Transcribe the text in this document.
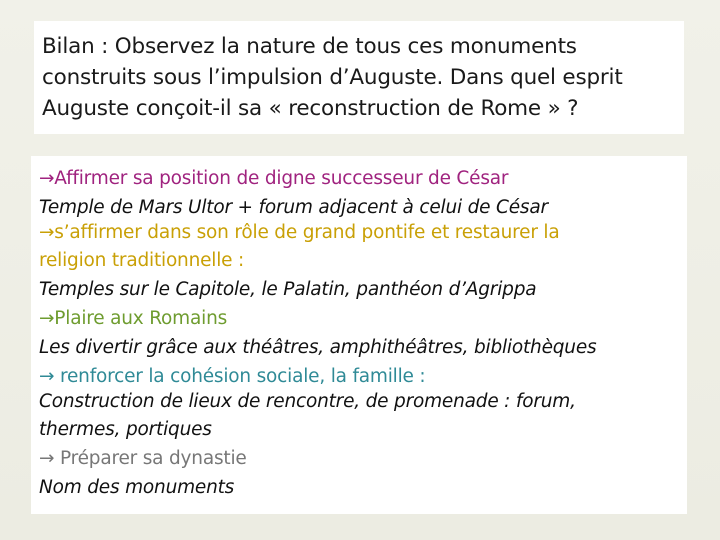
Bilan : Observez la nature de tous ces monuments
construits sous l’impulsion d’Auguste. Dans quel esprit
Auguste conçoit-il sa « reconstruction de Rome » ?
→Affirmer sa position de digne successeur de César
Temple de Mars Ultor + forum adjacent à celui de César
→s’affirmer dans son rôle de grand pontife et restaurer la
religion traditionnelle :
Temples sur le Capitole, le Palatin, panthéon d’Agrippa
→Plaire aux Romains
Les divertir grâce aux théâtres, amphithéâtres, bibliothèques
→ renforcer la cohésion sociale, la famille :
Construction de lieux de rencontre, de promenade : forum,
thermes, portiques
→ Préparer sa dynastie
Nom des monuments
